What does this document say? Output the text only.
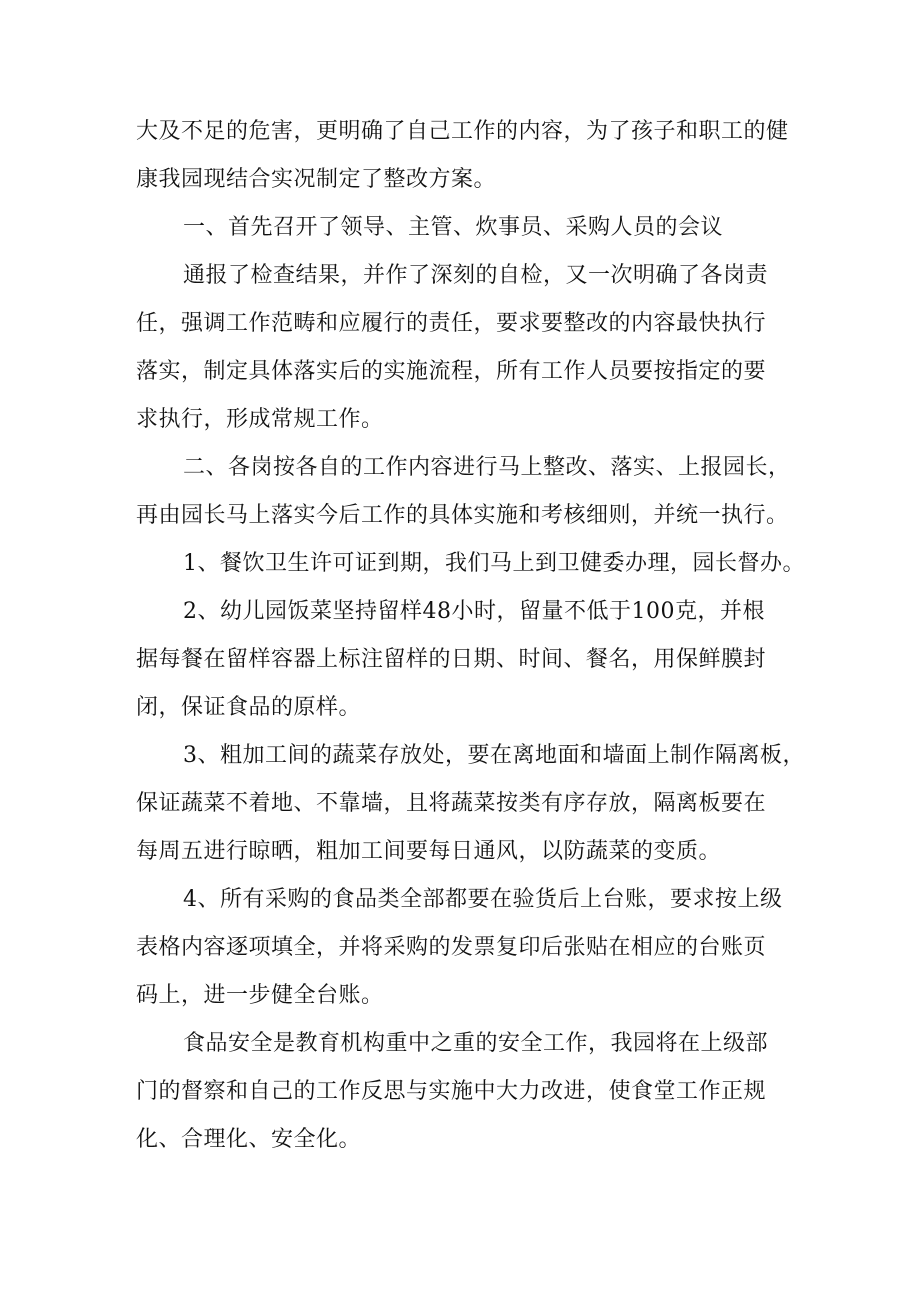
大及不足的危害，更明确了自己工作的内容，为了孩子和职工的健
康我园现结合实况制定了整改方案。
一、首先召开了领导、主管、炊事员、采购人员的会议
通报了检查结果，并作了深刻的自检，又一次明确了各岗责
任，强调工作范畴和应履行的责任，要求要整改的内容最快执行
落实，制定具体落实后的实施流程，所有工作人员要按指定的要
求执行，形成常规工作。
二、各岗按各自的工作内容进行马上整改、落实、上报园长，
再由园长马上落实今后工作的具体实施和考核细则，并统一执行。
1、餐饮卫生许可证到期，我们马上到卫健委办理，园长督办。
2、幼儿园饭菜坚持留样48小时，留量不低于100克，并根
据每餐在留样容器上标注留样的日期、时间、餐名，用保鲜膜封
闭，保证食品的原样。
3、粗加工间的蔬菜存放处，要在离地面和墙面上制作隔离板，
保证蔬菜不着地、不靠墙，且将蔬菜按类有序存放，隔离板要在
每周五进行晾晒，粗加工间要每日通风，以防蔬菜的变质。
4、所有采购的食品类全部都要在验货后上台账，要求按上级
表格内容逐项填全，并将采购的发票复印后张贴在相应的台账页
码上，进一步健全台账。
食品安全是教育机构重中之重的安全工作，我园将在上级部
门的督察和自己的工作反思与实施中大力改进，使食堂工作正规
化、合理化、安全化。
